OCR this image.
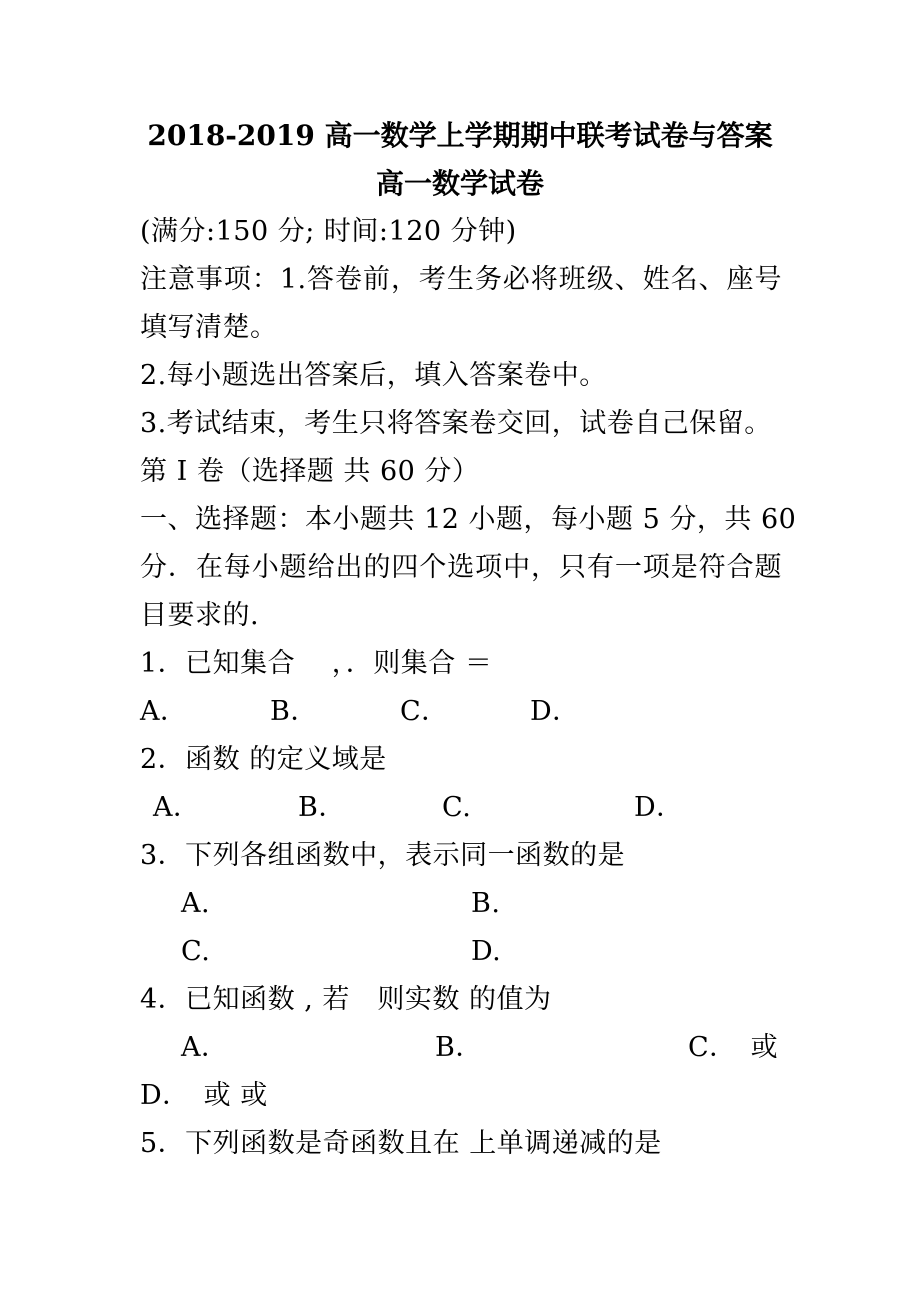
2018-2019 高一数学上学期期中联考试卷与答案
高一数学试卷
(满分:150 分; 时间:120 分钟)
注意事项：1.答卷前，考生务必将班级、姓名、座号
填写清楚。
2.每小题选出答案后，填入答案卷中。
3.考试结束，考生只将答案卷交回，试卷自己保留。
第 I 卷（选择题 共 60 分）
一、选择题：本小题共 12 小题，每小题 5 分，共 60
分．在每小题给出的四个选项中，只有一项是符合题
目要求的.
1．已知集合　 ，．则集合 ＝
A．	B．	C．	D．
2．函数 的定义域是
A．	B．	C.	D．
3．下列各组函数中，表示同一函数的是
A.	B.
C.	D.
4．已知函数 , 若　则实数 的值为
A．	B．	C．　或
D．　或 或
5．下列函数是奇函数且在 上单调递减的是
